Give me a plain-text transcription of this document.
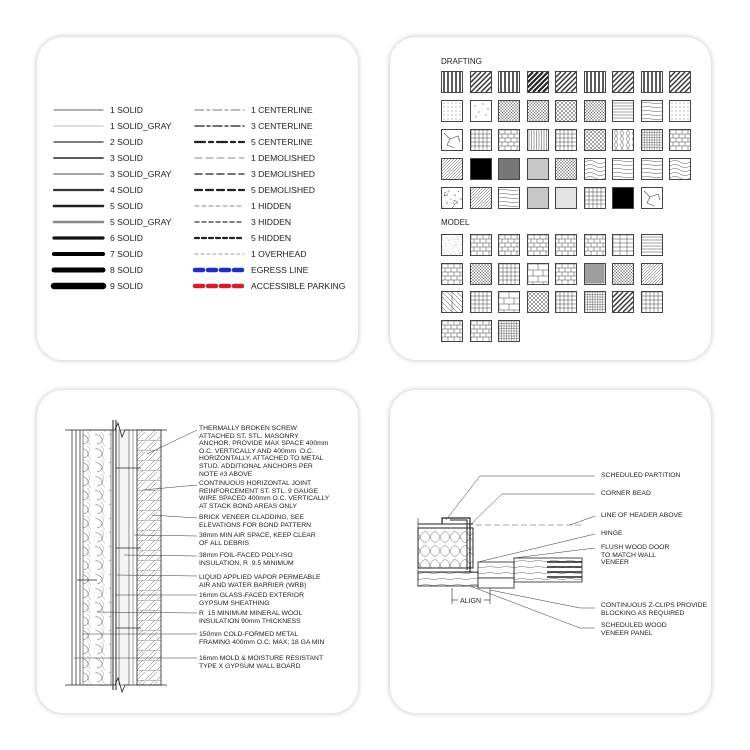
1 SOLID
1 SOLID_GRAY
2 SOLID
3 SOLID
3 SOLID_GRAY
4 SOLID
5 SOLID
5 SOLID_GRAY
6 SOLID
7 SOLID
8 SOLID
9 SOLID
1 CENTERLINE
3 CENTERLINE
5 CENTERLINE
1 DEMOLISHED
3 DEMOLISHED
5 DEMOLISHED
1 HIDDEN
3 HIDDEN
5 HIDDEN
1 OVERHEAD
EGRESS LINE
ACCESSIBLE PARKING
DRAFTING
MODEL
THERMALLY BROKEN SCREW
ATTACHED ST. STL. MASONRY
ANCHOR. PROVIDE MAX SPACE 400mm
O.C. VERTICALLY AND 400mm  O.C.
HORIZONTALLY. ATTACHED TO METAL
STUD. ADDITIONAL ANCHORS PER
NOTE #3 ABOVE
CONTINUOUS HORIZONTAL JOINT
REINFORCEMENT ST. STL. 9 GAUGE
WIRE SPACED 400mm O.C. VERTICALLY
AT STACK BOND AREAS ONLY
BRICK VENEER CLADDING, SEE
ELEVATIONS FOR BOND PATTERN
38mm MIN AIR SPACE, KEEP CLEAR
OF ALL DEBRIS
38mm FOIL-FACED POLY-ISO
INSULATION, R  9.5 MINIMUM
LIQUID APPLIED VAPOR PERMEABLE
AIR AND WATER BARRIER (WRB)
16mm GLASS-FACED EXTERIOR
GYPSUM SHEATHING
R  15 MINIMUM MINERAL WOOL
INSULATION 90mm THICKNESS
150mm COLD-FORMED METAL
FRAMING 400mm O.C. MAX; 18 GA MIN
16mm MOLD & MOISTURE RESISTANT
TYPE X GYPSUM WALL BOARD
ALIGN
SCHEDULED PARTITION
CORNER BEAD
LINE OF HEADER ABOVE
HINGE
FLUSH WOOD DOOR
TO MATCH WALL
VENEER
CONTINUOUS Z-CLIPS PROVIDE
BLOCKING AS REQUIRED
SCHEDULED WOOD
VENEER PANEL
